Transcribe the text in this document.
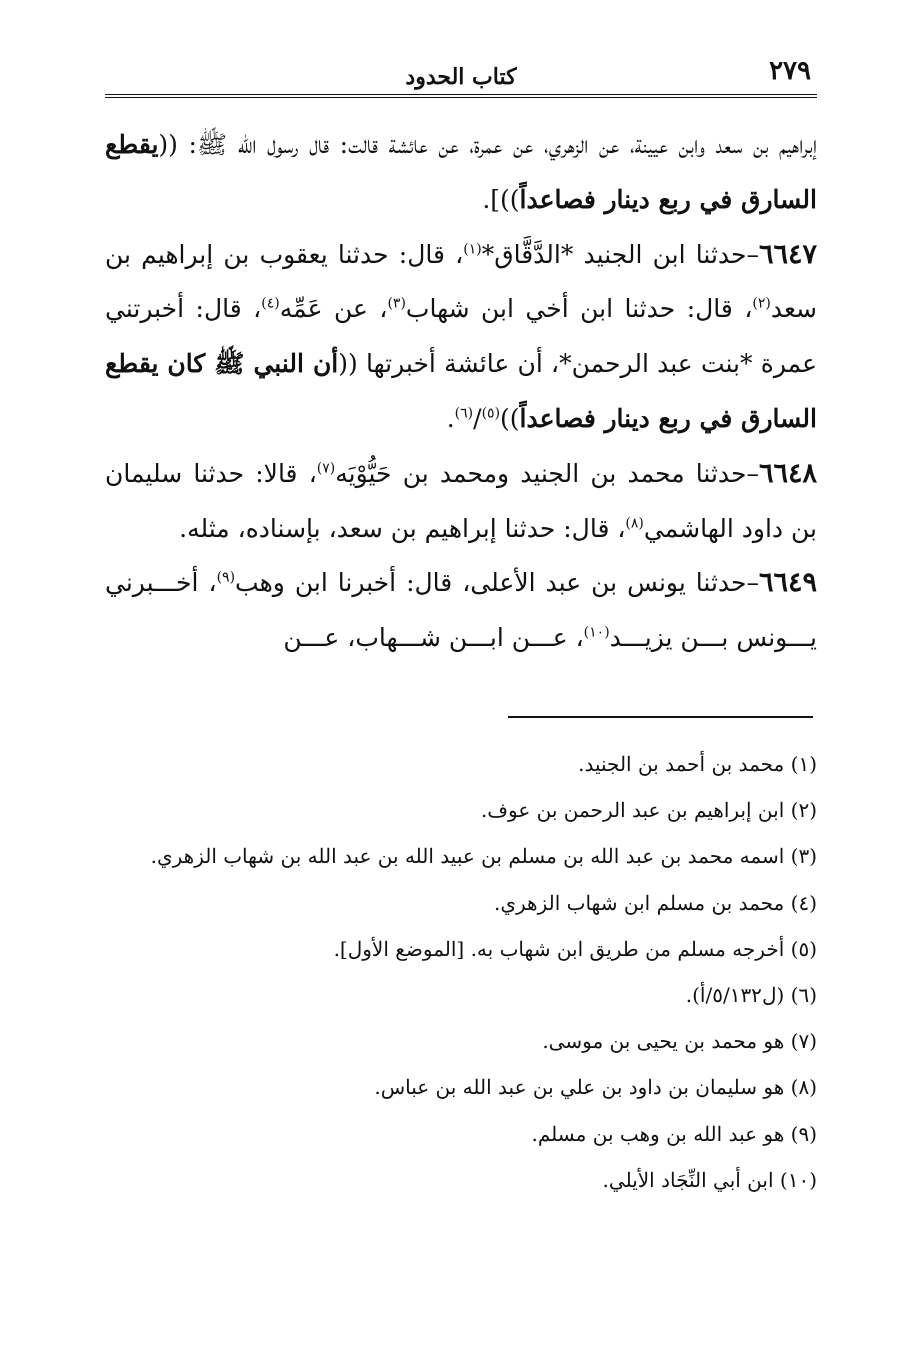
٢٧٩
كتاب الحدود

إبراهيم بن سعد وابن عيينة، عن الزهري، عن عمرة، عن عائشة قالت: قال رسول الله ﷺ: ((يقطع السارق في ربع دينار فصاعداً))].

٦٦٤٧–حدثنا ابن الجنيد *الدَّقَّاق*$^{(١)}$، قال: حدثنا يعقوب بن إبراهيم بن سعد$^{(٢)}$، قال: حدثنا ابن أخي ابن شهاب$^{(٣)}$، عن عَمِّه$^{(٤)}$، قال: أخبرتني عمرة *بنت عبد الرحمن*، أن عائشة أخبرتها ((أن النبي ﷺ كان يقطع السارق في ربع دينار فصاعداً))$^{(٥)}$/$^{(٦)}$.

٦٦٤٨–حدثنا محمد بن الجنيد ومحمد بن حَيُّوْيَه$^{(٧)}$، قالا: حدثنا سليمان بن داود الهاشمي$^{(٨)}$، قال: حدثنا إبراهيم بن سعد، بإسناده، مثله.

٦٦٤٩–حدثنا يونس بن عبد الأعلى، قال: أخبرنا ابن وهب$^{(٩)}$، أخـــبرني يـــونس بـــن يزيـــد$^{(١٠)}$، عـــن ابـــن شـــهاب، عـــن

(١) محمد بن أحمد بن الجنيد.
(٢) ابن إبراهيم بن عبد الرحمن بن عوف.
(٣) اسمه محمد بن عبد الله بن مسلم بن عبيد الله بن عبد الله بن شهاب الزهري.
(٤) محمد بن مسلم ابن شهاب الزهري.
(٥) أخرجه مسلم من طريق ابن شهاب به. [الموضع الأول].
(٦) (ل٥/١٣٢/أ).
(٧) هو محمد بن يحيى بن موسى.
(٨) هو سليمان بن داود بن علي بن عبد الله بن عباس.
(٩) هو عبد الله بن وهب بن مسلم.
(١٠) ابن أبي النِّجَاد الأيلي.
